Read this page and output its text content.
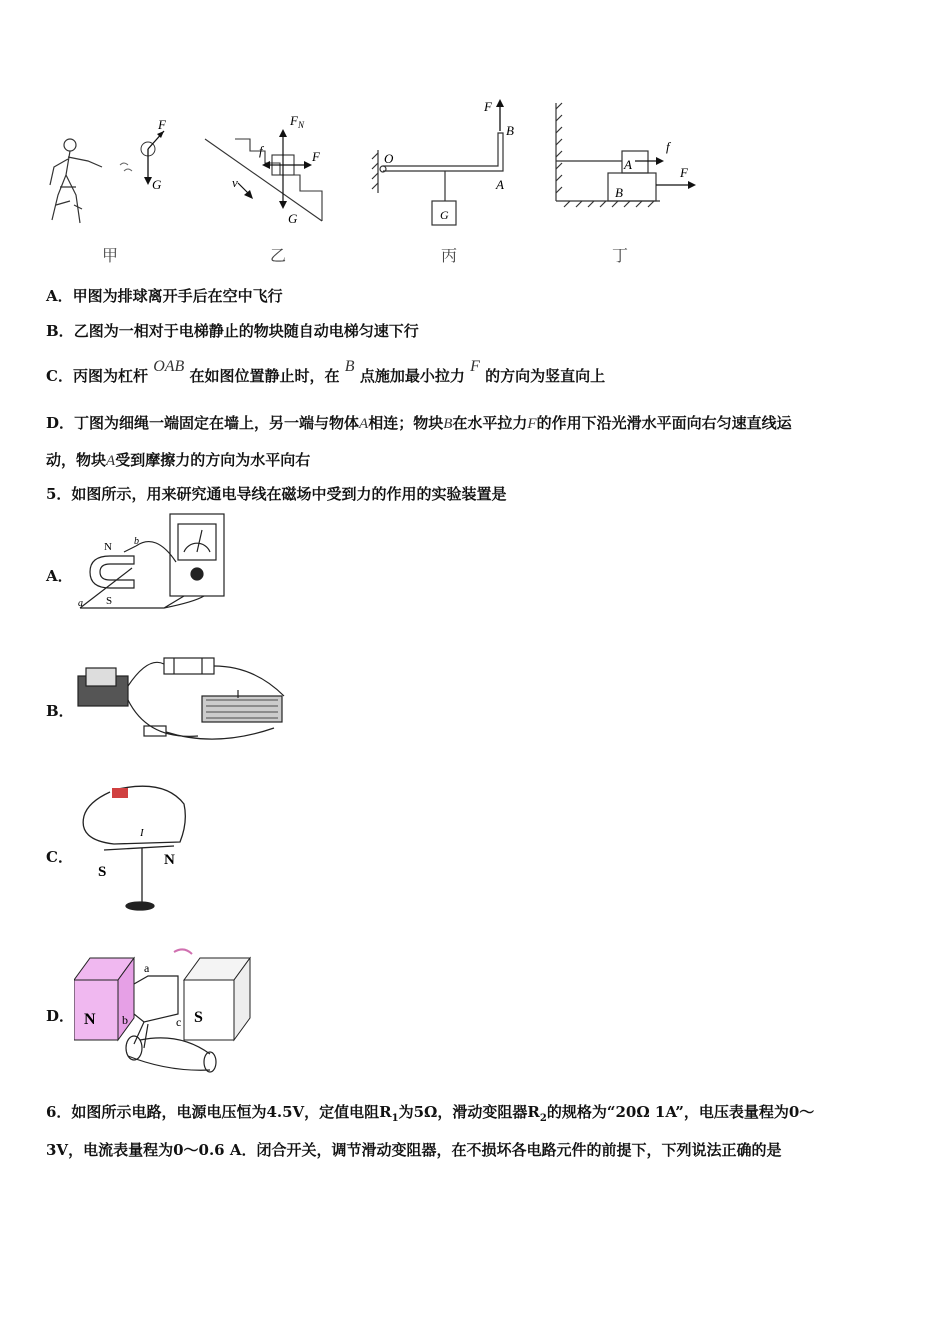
F
G
$F_N$
f	F
G
v
O
A
B
F
G
A
B
f
F
甲	乙	丙	丁
A．甲图为排球离开手后在空中飞行
B．乙图为一相对于电梯静止的物块随自动电梯匀速下行
C．丙图为杠杆 OAB 在如图位置静止时，在 B 点施加最小拉力 F 的方向为竖直向上
D．丁图为细绳一端固定在墙上，另一端与物体A相连；物块B在水平拉力F的作用下沿光滑水平面向右匀速直线运
动，物块A受到摩擦力的方向为水平向右
5．如图所示，用来研究通电导线在磁场中受到力的作用的实验装置是
A．
N
S
a
b
B．
C．
S
N
I
D． N	S
a
b	c
6．如图所示电路，电源电压恒为4.5V，定值电阻$R_1$为5Ω，滑动变阻器$R_2$的规格为“20Ω 1A”，电压表量程为0～
3V，电流表量程为0～0.6 A．闭合开关，调节滑动变阻器，在不损坏各电路元件的前提下，下列说法正确的是
